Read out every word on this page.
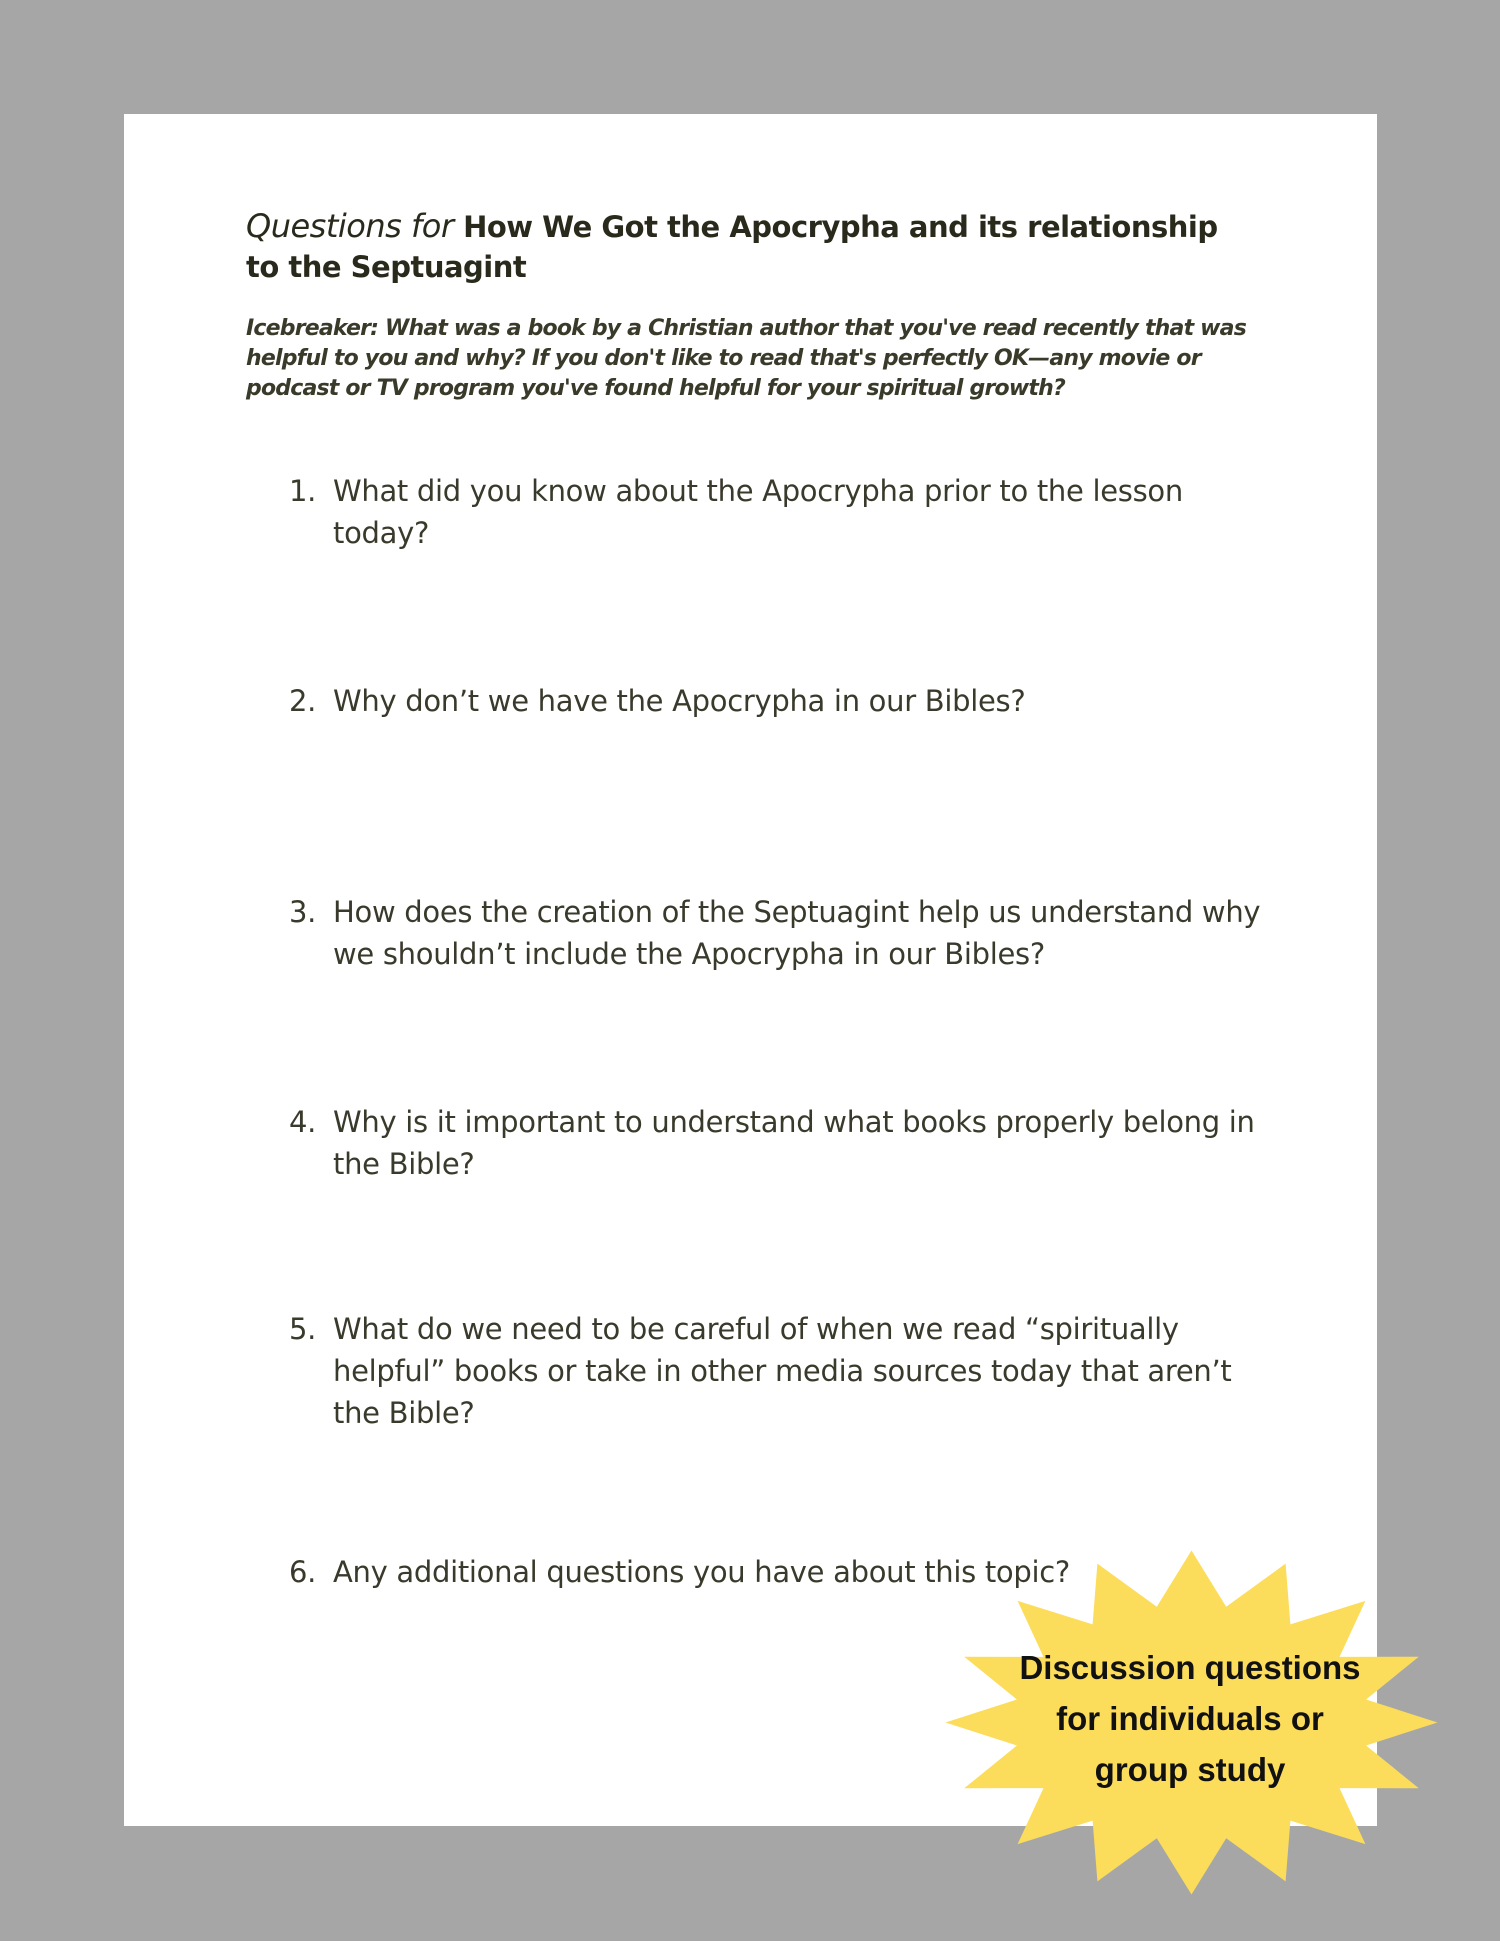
Questions for How We Got the Apocrypha and its relationship to the Septuagint

Icebreaker: What was a book by a Christian author that you've read recently that was helpful to you and why? If you don't like to read that's perfectly OK—any movie or podcast or TV program you've found helpful for your spiritual growth?

1. What did you know about the Apocrypha prior to the lesson today?
2. Why don’t we have the Apocrypha in our Bibles?
3. How does the creation of the Septuagint help us understand why we shouldn’t include the Apocrypha in our Bibles?
4. Why is it important to understand what books properly belong in the Bible?
5. What do we need to be careful of when we read “spiritually helpful” books or take in other media sources today that aren’t the Bible?
6. Any additional questions you have about this topic?
Discussion questions
for individuals or
group study
